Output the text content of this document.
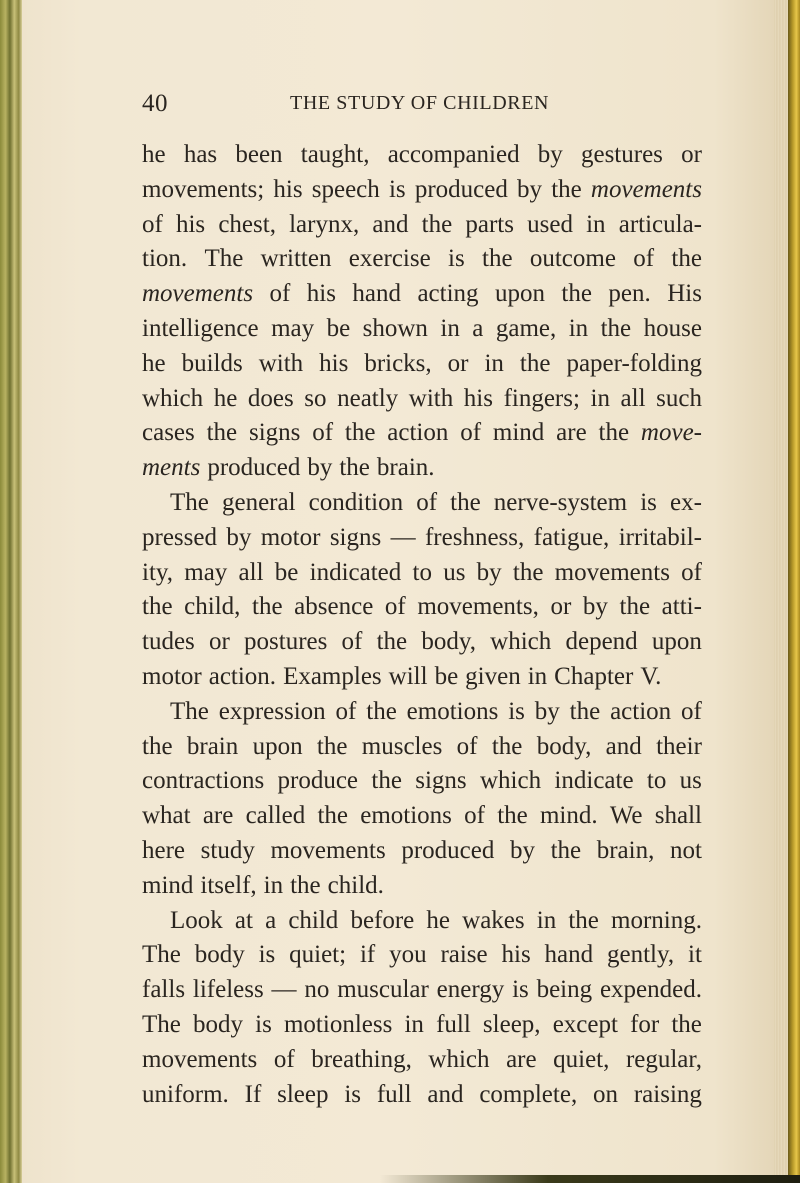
40	THE STUDY OF CHILDREN
he has been taught, accompanied by gestures or
movements; his speech is produced by the movements
of his chest, larynx, and the parts used in articula-
tion. The written exercise is the outcome of the
movements of his hand acting upon the pen. His
intelligence may be shown in a game, in the house
he builds with his bricks, or in the paper-folding
which he does so neatly with his fingers; in all such
cases the signs of the action of mind are the move-
ments produced by the brain.
The general condition of the nerve-system is ex-
pressed by motor signs — freshness, fatigue, irritabil-
ity, may all be indicated to us by the movements of
the child, the absence of movements, or by the atti-
tudes or postures of the body, which depend upon
motor action. Examples will be given in Chapter V.
The expression of the emotions is by the action of
the brain upon the muscles of the body, and their
contractions produce the signs which indicate to us
what are called the emotions of the mind. We shall
here study movements produced by the brain, not
mind itself, in the child.
Look at a child before he wakes in the morning.
The body is quiet; if you raise his hand gently, it
falls lifeless — no muscular energy is being expended.
The body is motionless in full sleep, except for the
movements of breathing, which are quiet, regular,
uniform. If sleep is full and complete, on raising
